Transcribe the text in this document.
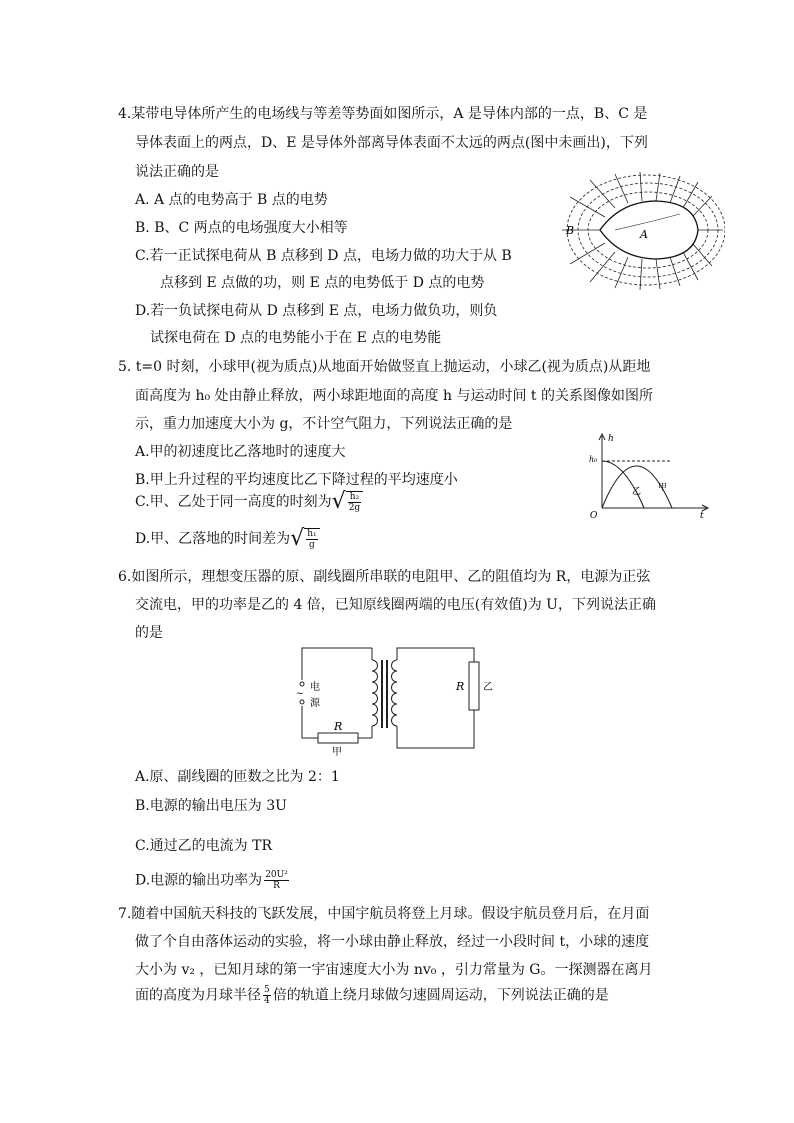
4.某带电导体所产生的电场线与等差等势面如图所示，A 是导体内部的一点，B、C 是
导体表面上的两点，D、E 是导体外部离导体表面不太远的两点(图中未画出)，下列
说法正确的是
A. A 点的电势高于 B 点的电势
B. B、C 两点的电场强度大小相等
C.若一正试探电荷从 B 点移到 D 点，电场力做的功大于从 B
点移到 E 点做的功，则 E 点的电势低于 D 点的电势
D.若一负试探电荷从 D 点移到 E 点，电场力做负功，则负
试探电荷在 D 点的电势能小于在 E 点的电势能
B	A
5. t=0 时刻，小球甲(视为质点)从地面开始做竖直上抛运动，小球乙(视为质点)从距地
面高度为 h₀ 处由静止释放，两小球距地面的高度 h 与运动时间 t 的关系图像如图所
示，重力加速度大小为 g，不计空气阻力，下列说法正确的是
A.甲的初速度比乙落地时的速度大
B.甲上升过程的平均速度比乙下降过程的平均速度小
C.甲、乙处于同一高度的时刻为√ $\frac{\text{h₂}}{2g}$
D.甲、乙落地的时间差为√ $\frac{\text{h₁}}{g}$
h
t
O
h₀
乙 甲
6.如图所示，理想变压器的原、副线圈所串联的电阻甲、乙的阻值均为 R，电源为正弦
交流电，甲的功率是乙的 4 倍，已知原线圈两端的电压(有效值)为 U，下列说法正确
的是
~
电
源
R
甲
R 乙
A.原、副线圈的匝数之比为 2：1
B.电源的输出电压为 3U
C.通过乙的电流为 TR
D.电源的输出功率为 $\frac{\text{20U²}}{R}$
7.随着中国航天科技的飞跃发展，中国宇航员将登上月球。假设宇航员登月后，在月面
做了个自由落体运动的实验，将一小球由静止释放，经过一小段时间 t，小球的速度
大小为 v₂ ，已知月球的第一宇宙速度大小为 nv₀ ，引力常量为 G。一探测器在离月
面的高度为月球半径 $\frac{5}{4}$ 倍的轨道上绕月球做匀速圆周运动，下列说法正确的是
